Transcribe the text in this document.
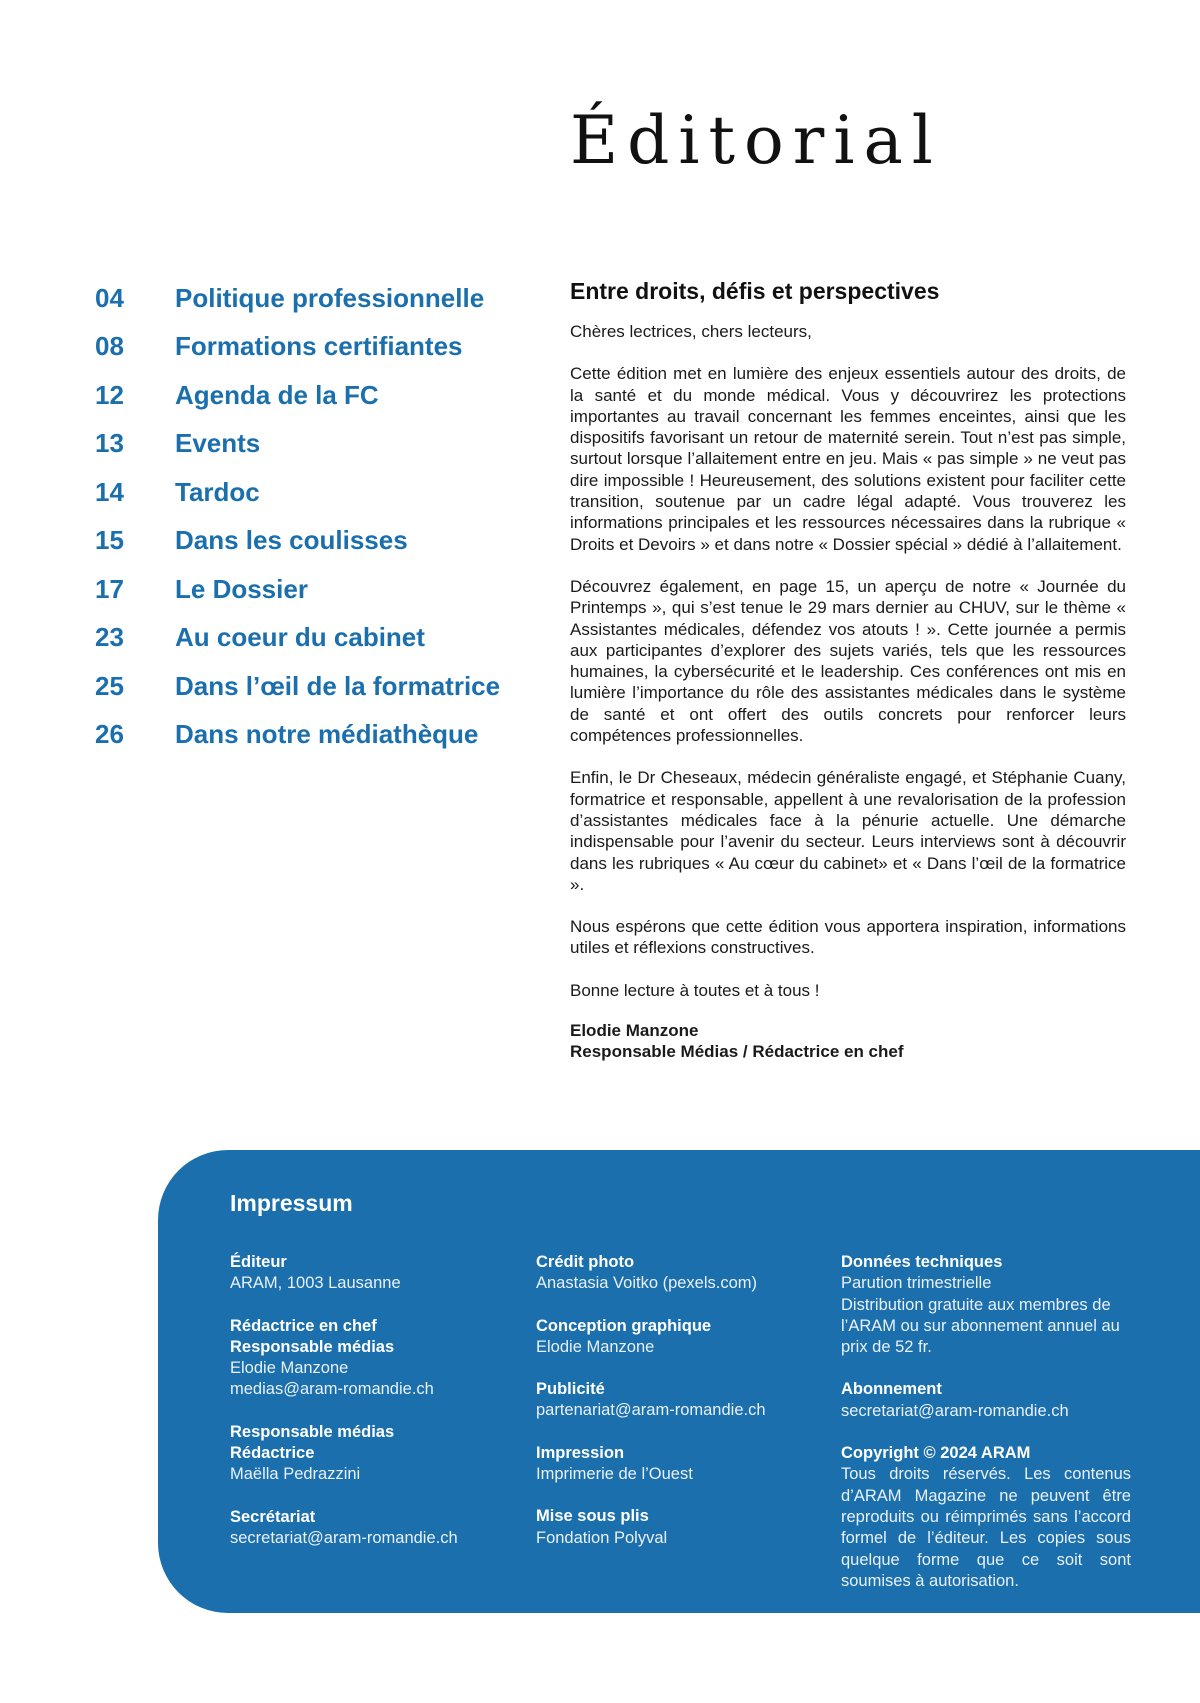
Éditorial
04	Politique professionnelle
08	Formations certifiantes
12	Agenda de la FC
13	Events
14	Tardoc
15	Dans les coulisses
17	Le Dossier
23	Au coeur du cabinet
25	Dans l’œil de la formatrice
26	Dans notre médiathèque
Entre droits, défis et perspectives

Chères lectrices, chers lecteurs,

Cette édition met en lumière des enjeux essentiels autour des droits, de la santé et du monde médical. Vous y découvrirez les protections importantes au travail concernant les femmes enceintes, ainsi que les dispositifs favorisant un retour de maternité serein. Tout n’est pas simple, surtout lorsque l’allaitement entre en jeu. Mais « pas simple » ne veut pas dire impossible ! Heureusement, des solutions existent pour faciliter cette transition, soutenue par un cadre légal adapté. Vous trouverez les informations principales et les ressources nécessaires dans la rubrique « Droits et Devoirs » et dans notre « Dossier spécial » dédié à l’allaitement.

Découvrez également, en page 15, un aperçu de notre « Journée du Printemps », qui s’est tenue le 29 mars dernier au CHUV, sur le thème « Assistantes médicales, défendez vos atouts ! ». Cette journée a permis aux participantes d’explorer des sujets variés, tels que les ressources humaines, la cybersécurité et le leadership. Ces conférences ont mis en lumière l’importance du rôle des assistantes médicales dans le système de santé et ont offert des outils concrets pour renforcer leurs compétences professionnelles.

Enfin, le Dr Cheseaux, médecin généraliste engagé, et Stéphanie Cuany, formatrice et responsable, appellent à une revalorisation de la profession d’assistantes médicales face à la pénurie actuelle. Une démarche indispensable pour l’avenir du secteur. Leurs interviews sont à découvrir dans les rubriques « Au cœur du cabinet» et « Dans l’œil de la formatrice ».

Nous espérons que cette édition vous apportera inspiration, informations utiles et réflexions constructives.

Bonne lecture à toutes et à tous !

Elodie Manzone
Responsable Médias / Rédactrice en chef
Impressum
Éditeur
ARAM, 1003 Lausanne
Rédactrice en chef
Responsable médias
Elodie Manzone
medias@aram-romandie.ch
Responsable médias
Rédactrice
Maëlla Pedrazzini
Secrétariat
secretariat@aram-romandie.ch
Crédit photo
Anastasia Voitko (pexels.com)
Conception graphique
Elodie Manzone
Publicité
partenariat@aram-romandie.ch
Impression
Imprimerie de l’Ouest
Mise sous plis
Fondation Polyval
Données techniques
Parution trimestrielle
Distribution gratuite aux membres de l’ARAM ou sur abonnement annuel au prix de 52 fr.
Abonnement
secretariat@aram-romandie.ch
Copyright © 2024 ARAM
Tous droits réservés. Les contenus d’ARAM Magazine ne peuvent être reproduits ou réimprimés sans l’accord formel de l’éditeur. Les copies sous quelque forme que ce soit sont soumises à autorisation.
